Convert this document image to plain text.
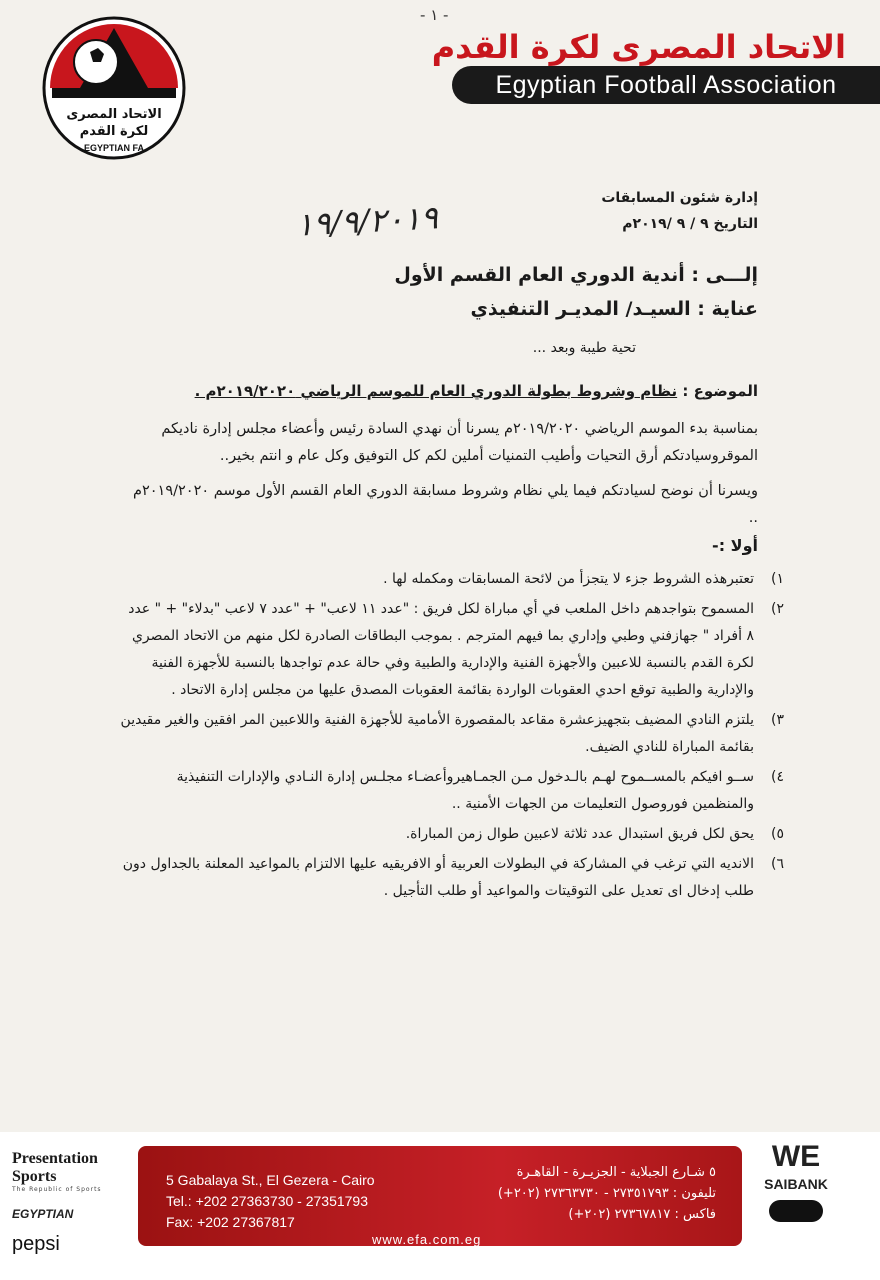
- ١ -
الاتحاد المصرى
لكرة القدم
EGYPTIAN FA
الاتحاد المصرى لكرة القدم
Egyptian Football Association
إدارة شئون المسابقات
التاريخ ٩ / ٩ /٢٠١٩م
١٩/٩/٢٠١٩
إلـــى : أندية الدوري العام القسم الأول
عناية : السيـد/ المديـر التنفيذي
تحية طيبة وبعد ...
الموضوع : نظام وشروط بطولة الدوري العام للموسم الرياضي ٢٠١٩/٢٠٢٠م .
بمناسبة بدء الموسم الرياضي ٢٠١٩/٢٠٢٠م يسرنا أن نهدي السادة رئيس وأعضاء مجلس إدارة ناديكم الموقروسيادتكم أرق التحيات وأطيب التمنيات أملين لكم كل التوفيق وكل عام و انتم بخير..
ويسرنا أن نوضح لسيادتكم فيما يلي نظام وشروط مسابقة الدوري العام القسم الأول موسم ٢٠١٩/٢٠٢٠م ..
أولا :-
١)
تعتبرهذه الشروط جزء لا يتجزأ من لائحة المسابقات ومكمله لها .
٢)
المسموح بتواجدهم داخل الملعب في أي مباراة لكل فريق : "عدد ١١ لاعب" + "عدد ٧ لاعب "بدلاء" + " عدد ٨ أفراد " جهازفني وطبي وإداري بما فيهم المترجم . بموجب البطاقات الصادرة لكل منهم من الاتحاد المصري لكرة القدم بالنسبة للاعبين والأجهزة الفنية والإدارية والطبية وفي حالة عدم تواجدها بالنسبة للأجهزة الفنية والإدارية والطبية توقع احدي العقوبات الواردة بقائمة العقوبات المصدق عليها من مجلس إدارة الاتحاد .
٣)
يلتزم النادي المضيف بتجهيزعشرة مقاعد بالمقصورة الأمامية للأجهزة الفنية واللاعبين المر افقين والغير مقيدين بقائمة المباراة للنادي الضيف.
٤)
ســو افيكم بالمســموح لهـم بالـدخول مـن الجمـاهيروأعضـاء مجلـس إدارة النـادي والإدارات التنفيذية والمنظمين فوروصول التعليمات من الجهات الأمنية ..
٥)
يحق لكل فريق استبدال عدد ثلاثة لاعبين طوال زمن المباراة.
٦)
الانديه التي ترغب في المشاركة في البطولات العربية أو الافريقيه عليها الالتزام بالمواعيد المعلنة بالجداول دون طلب إدخال اى تعديل على التوقيتات والمواعيد أو طلب التأجيل .
5 Gabalaya St., El Gezera - Cairo
Tel.: +202 27363730 - 27351793
Fax: +202 27367817
٥ شـارع الجبلاية - الجزيـرة - القاهـرة
تليفون : ٢٧٣٥١٧٩٣ - ٢٧٣٦٣٧٣٠ (٢٠٢+)
فاكس : ٢٧٣٦٧٨١٧ (٢٠٢+)
www.efa.com.eg
Presentation Sports
The Republic of Sports
EGYPTIAN
pepsi
WE
SAIBANK
